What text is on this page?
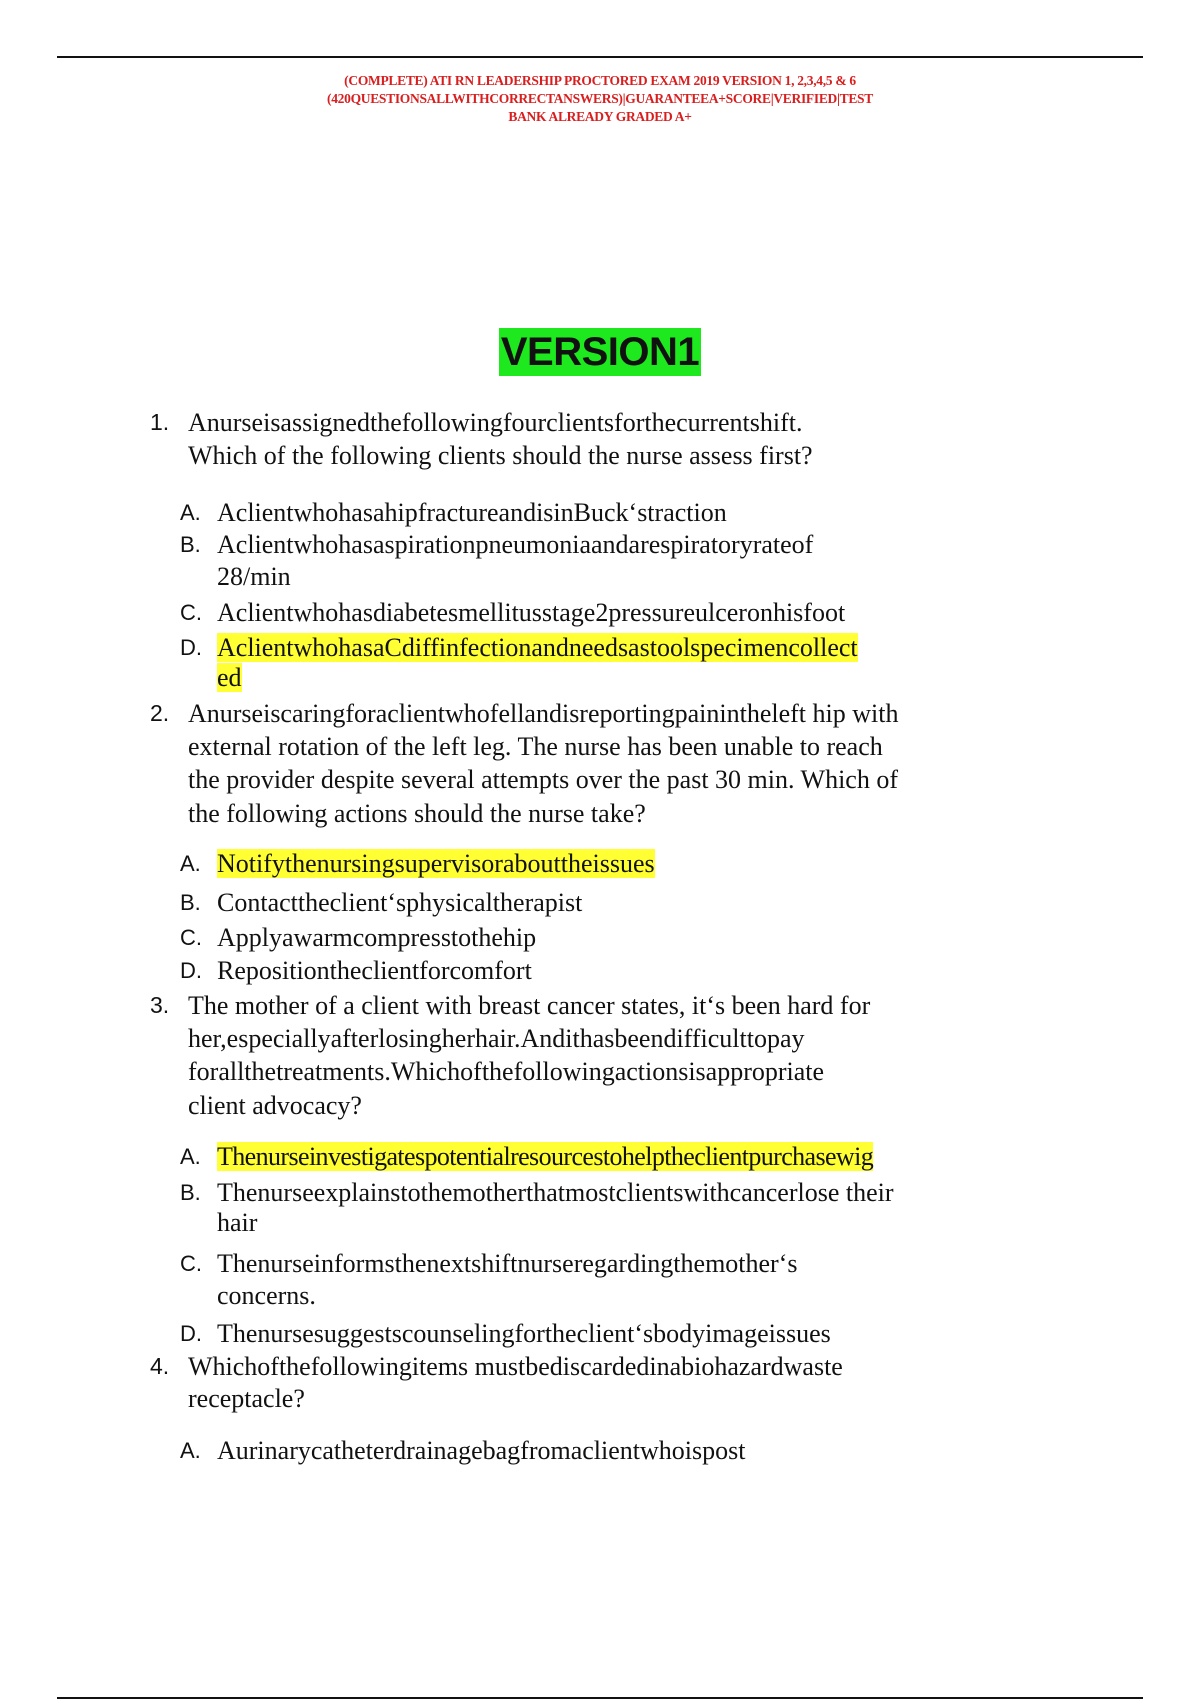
(COMPLETE) ATI RN LEADERSHIP PROCTORED EXAM 2019 VERSION 1, 2,3,4,5 & 6
(420QUESTIONSALLWITHCORRECTANSWERS)|GUARANTEEA+SCORE|VERIFIED|TEST
BANK ALREADY GRADED A+
VERSION1
1. Anurseisassignedthefollowingfourclientsforthecurrentshift.
Which of the following clients should the nurse assess first?
A. AclientwhohasahipfractureandisinBuck‘straction
B. Aclientwhohasaspirationpneumoniaandarespiratoryrateof
28/min
C. Aclientwhohasdiabetesmellitusstage2pressureulceronhisfoot
D. AclientwhohasaCdiffinfectionandneedsastoolspecimencollect
ed
2. Anurseiscaringforaclientwhofellandisreportingpainintheleft hip with
external rotation of the left leg. The nurse has been unable to reach
the provider despite several attempts over the past 30 min. Which of
the following actions should the nurse take?
A. Notifythenursingsupervisorabouttheissues
B. Contacttheclient‘sphysicaltherapist
C. Applyawarmcompresstothehip
D. Repositiontheclientforcomfort
3. The mother of a client with breast cancer states, it‘s been hard for
her,especiallyafterlosingherhair.Andithasbeendifficulttopay
forallthetreatments.Whichofthefollowingactionsisappropriate
client advocacy?
A. Thenurseinvestigatespotentialresourcestohelptheclientpurchasewig
B. Thenurseexplainstothemotherthatmostclientswithcancerlose their
hair
C. Thenurseinformsthenextshiftnurseregardingthemother‘s
concerns.
D. Thenursesuggestscounselingfortheclient‘sbodyimageissues
4. Whichofthefollowingitems mustbediscardedinabiohazardwaste
receptacle?
A. Aurinarycatheterdrainagebagfromaclientwhoispost
